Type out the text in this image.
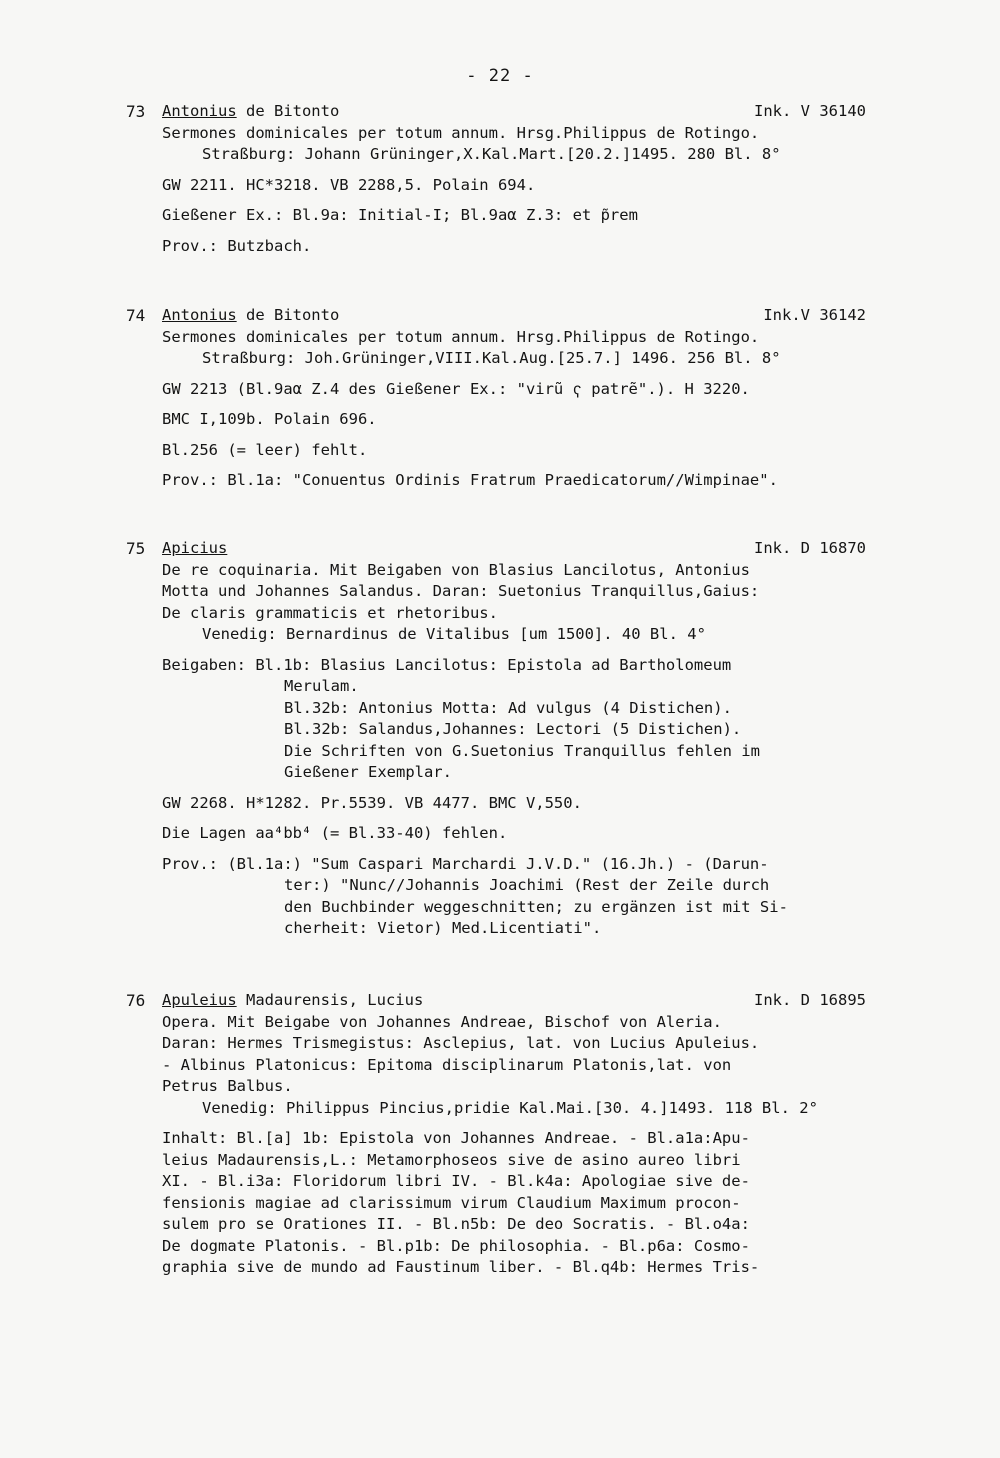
- 22 -
73 Antonius de Bitonto	Ink. V 36140
Sermones dominicales per totum annum. Hrsg.Philippus de Rotingo.
Straßburg: Johann Grüninger,X.Kal.Mart.[20.2.]1495. 280 Bl. 8°
GW 2211. HC*3218. VB 2288,5. Polain 694.
Gießener Ex.: Bl.9a: Initial-I; Bl.9aα Z.3: et p̃rem
Prov.: Butzbach.
74 Antonius de Bitonto	Ink.V 36142
Sermones dominicales per totum annum. Hrsg.Philippus de Rotingo.
Straßburg: Joh.Grüninger,VIII.Kal.Aug.[25.7.] 1496. 256 Bl. 8°
GW 2213 (Bl.9aα Z.4 des Gießener Ex.: "virũ ҁ patrẽ".). H 3220.
BMC I,109b. Polain 696.
Bl.256 (= leer) fehlt.
Prov.: Bl.1a: "Conuentus Ordinis Fratrum Praedicatorum//Wimpinae".
75 Apicius	Ink. D 16870
De re coquinaria. Mit Beigaben von Blasius Lancilotus, Antonius
Motta und Johannes Salandus. Daran: Suetonius Tranquillus,Gaius:
De claris grammaticis et rhetoribus.
Venedig: Bernardinus de Vitalibus [um 1500]. 40 Bl. 4°
Beigaben: Bl.1b: Blasius Lancilotus: Epistola ad Bartholomeum
Merulam.
Bl.32b: Antonius Motta: Ad vulgus (4 Distichen).
Bl.32b: Salandus,Johannes: Lectori (5 Distichen).
Die Schriften von G.Suetonius Tranquillus fehlen im
Gießener Exemplar.
GW 2268. H*1282. Pr.5539. VB 4477. BMC V,550.
Die Lagen aa⁴bb⁴ (= Bl.33-40) fehlen.
Prov.: (Bl.1a:) "Sum Caspari Marchardi J.V.D." (16.Jh.) - (Darun-
ter:) "Nunc//Johannis Joachimi (Rest der Zeile durch
den Buchbinder weggeschnitten; zu ergänzen ist mit Si-
cherheit: Vietor) Med.Licentiati".
76 Apuleius Madaurensis, Lucius	Ink. D 16895
Opera. Mit Beigabe von Johannes Andreae, Bischof von Aleria.
Daran: Hermes Trismegistus: Asclepius, lat. von Lucius Apuleius.
- Albinus Platonicus: Epitoma disciplinarum Platonis,lat. von
Petrus Balbus.
Venedig: Philippus Pincius,pridie Kal.Mai.[30. 4.]1493. 118 Bl. 2°
Inhalt: Bl.[a] 1b: Epistola von Johannes Andreae. - Bl.a1a:Apu-
leius Madaurensis,L.: Metamorphoseos sive de asino aureo libri
XI. - Bl.i3a: Floridorum libri IV. - Bl.k4a: Apologiae sive de-
fensionis magiae ad clarissimum virum Claudium Maximum procon-
sulem pro se Orationes II. - Bl.n5b: De deo Socratis. - Bl.o4a:
De dogmate Platonis. - Bl.p1b: De philosophia. - Bl.p6a: Cosmo-
graphia sive de mundo ad Faustinum liber. - Bl.q4b: Hermes Tris-
